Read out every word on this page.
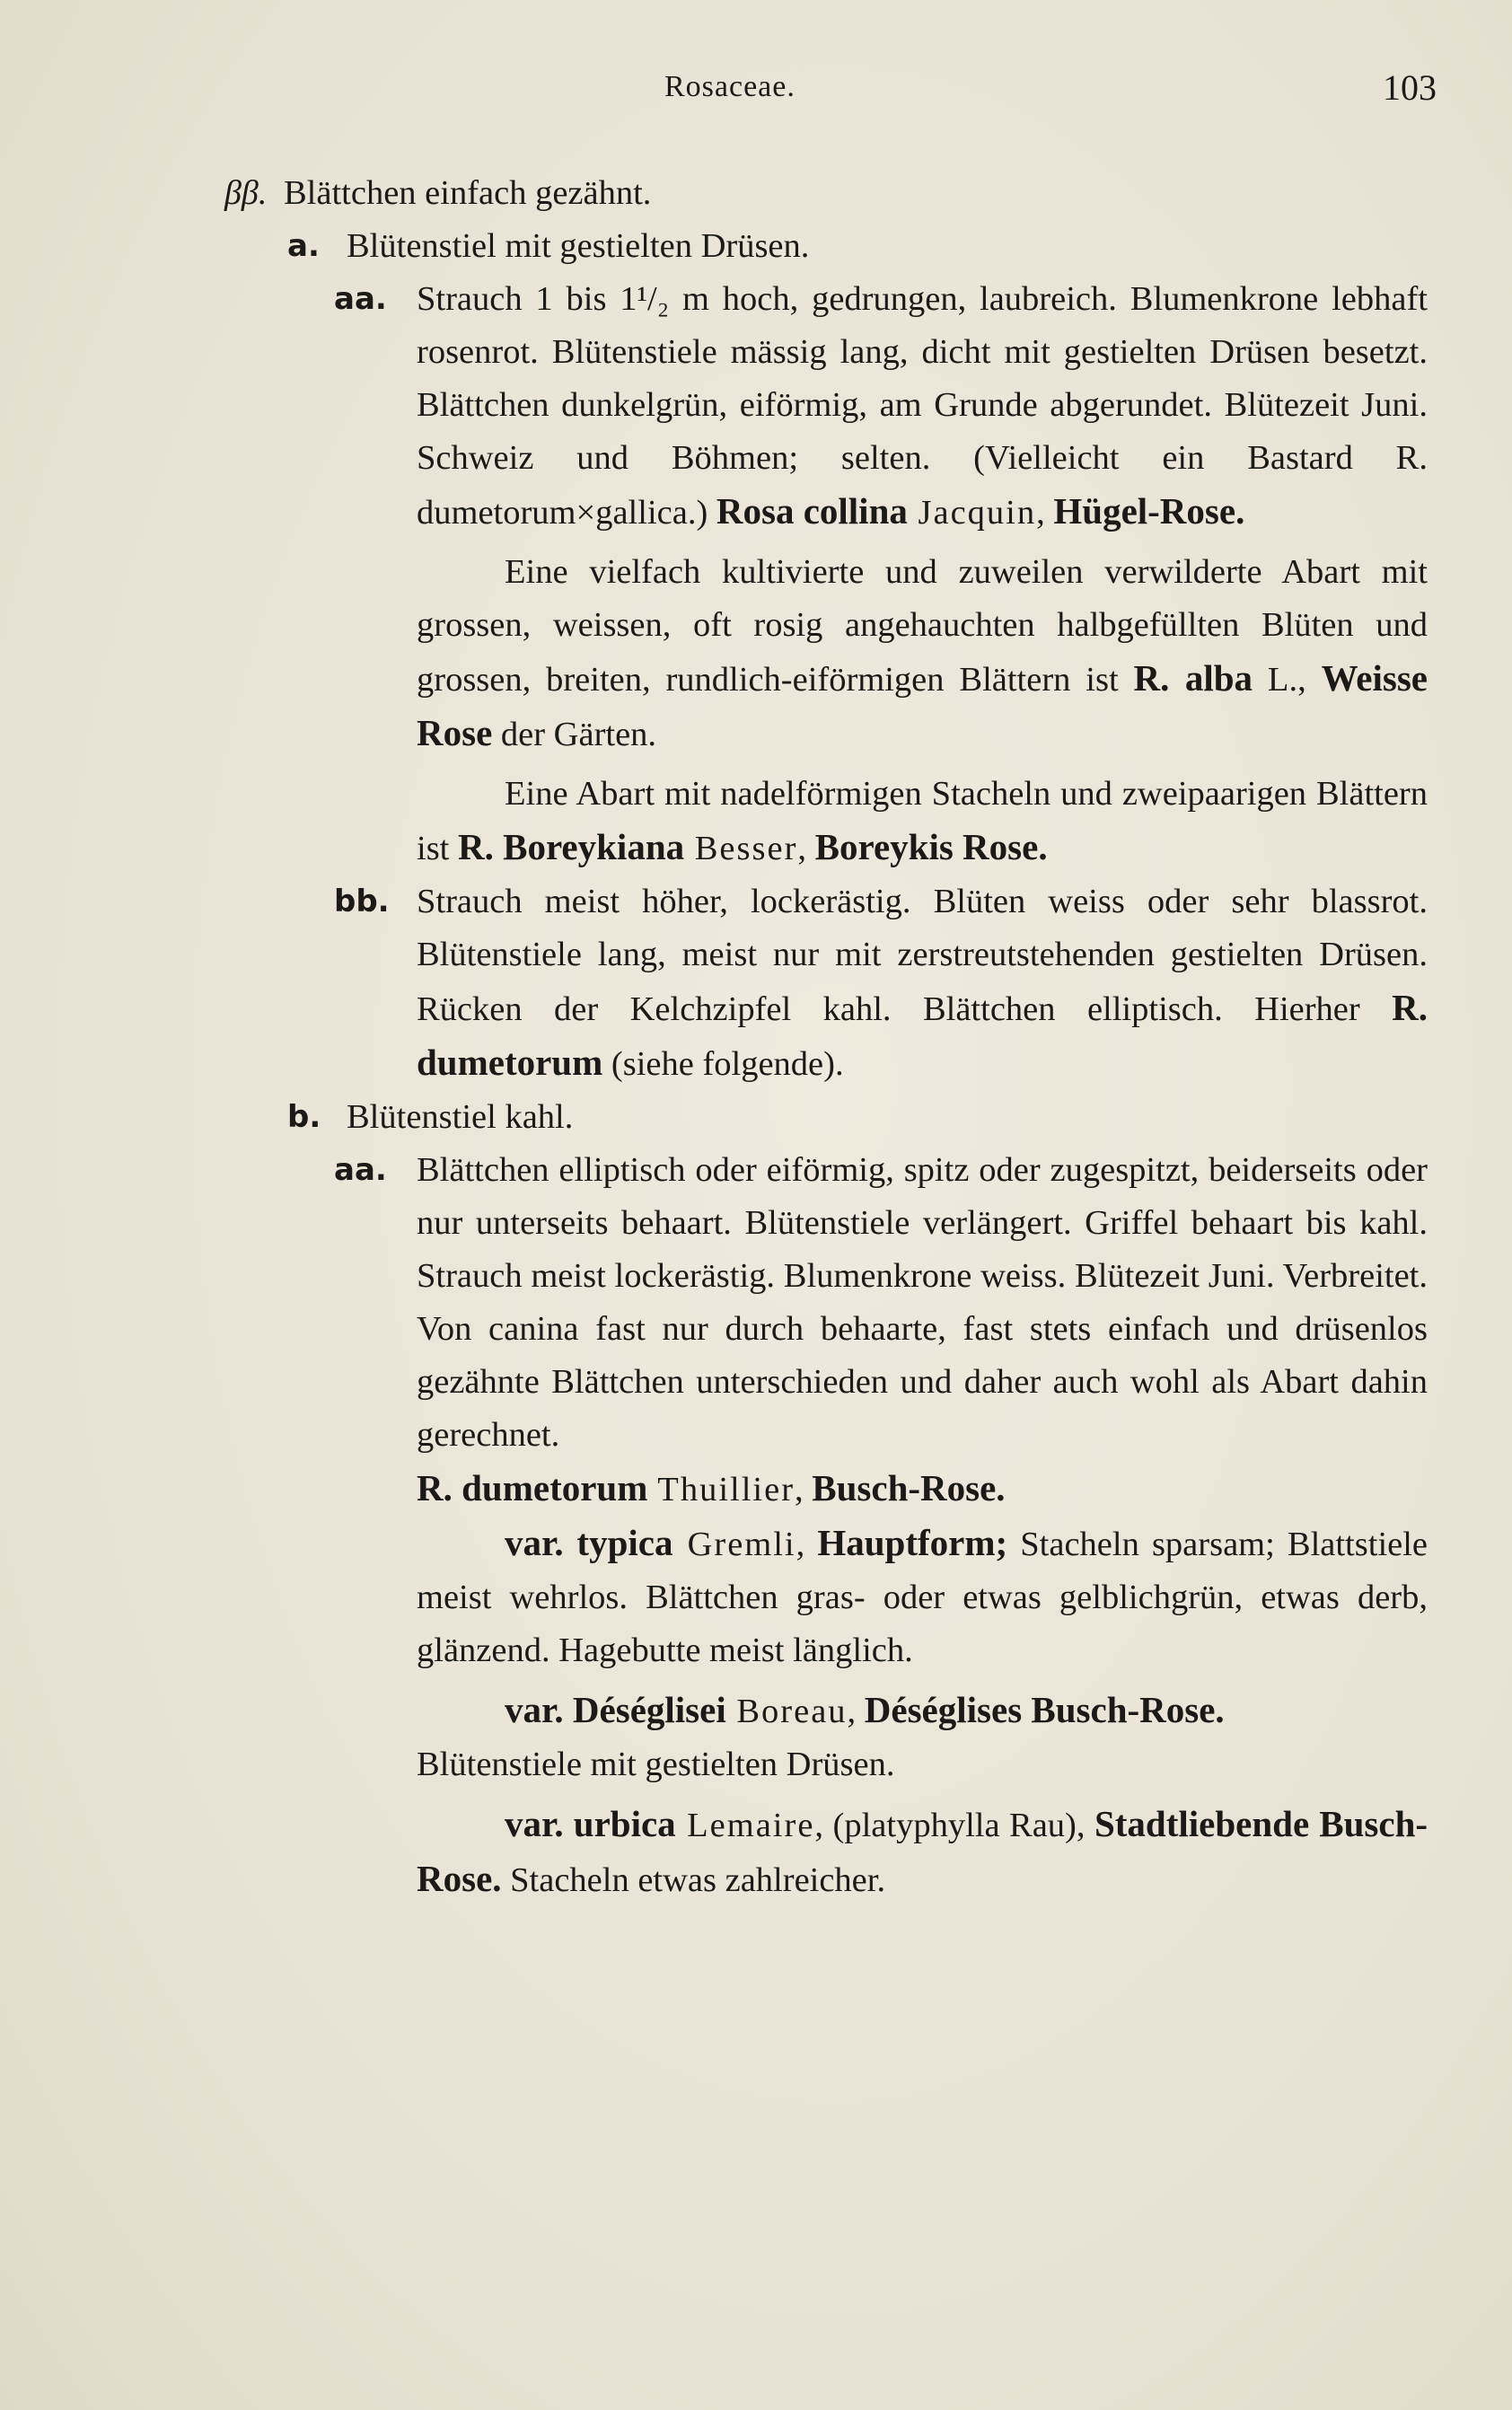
Rosaceae.	103
ββ. Blättchen einfach gezähnt.
a. Blütenstiel mit gestielten Drüsen.
aa. Strauch 1 bis 1¹/₂ m hoch, gedrungen, laubreich. Blumenkrone lebhaft rosenrot. Blütenstiele mässig lang, dicht mit gestielten Drüsen besetzt. Blättchen dunkelgrün, eiförmig, am Grunde abgerundet. Blütezeit Juni. Schweiz und Böhmen; selten. (Vielleicht ein Bastard R. dumetorum×gallica.) Rosa collina Jacquin, Hügel-Rose.
Eine vielfach kultivierte und zuweilen verwilderte Abart mit grossen, weissen, oft rosig angehauchten halbgefüllten Blüten und grossen, breiten, rundlich-eiförmigen Blättern ist R. alba L., Weisse Rose der Gärten.
Eine Abart mit nadelförmigen Stacheln und zweipaarigen Blättern ist R. Boreykiana Besser, Boreykis Rose.
bb. Strauch meist höher, lockerästig. Blüten weiss oder sehr blassrot. Blütenstiele lang, meist nur mit zerstreutstehenden gestielten Drüsen. Rücken der Kelchzipfel kahl. Blättchen elliptisch. Hierher R. dumetorum (siehe folgende).
b. Blütenstiel kahl.
aa. Blättchen elliptisch oder eiförmig, spitz oder zugespitzt, beiderseits oder nur unterseits behaart. Blütenstiele verlängert. Griffel behaart bis kahl. Strauch meist lockerästig. Blumenkrone weiss. Blütezeit Juni. Verbreitet. Von canina fast nur durch behaarte, fast stets einfach und drüsenlos gezähnte Blättchen unterschieden und daher auch wohl als Abart dahin gerechnet.
R. dumetorum Thuillier, Busch-Rose.
var. typica Gremli, Hauptform; Stacheln sparsam; Blattstiele meist wehrlos. Blättchen gras- oder etwas gelblichgrün, etwas derb, glänzend. Hagebutte meist länglich.
var. Déséglisei Boreau, Déséglises Busch-Rose.
Blütenstiele mit gestielten Drüsen.
var. urbica Lemaire, (platyphylla Rau), Stadtliebende Busch-Rose. Stacheln etwas zahlreicher.
